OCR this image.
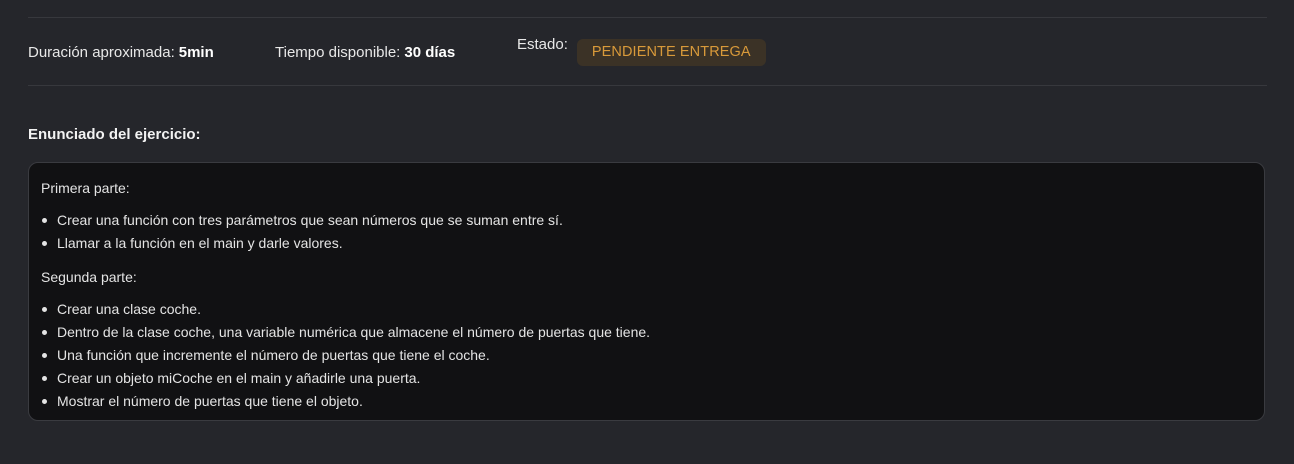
Duración aproximada: 5min	Tiempo disponible: 30 días	Estado:	PENDIENTE ENTREGA
Enunciado del ejercicio:

Primera parte:

Crear una función con tres parámetros que sean números que se suman entre sí.
Llamar a la función en el main y darle valores.

Segunda parte:

Crear una clase coche.
Dentro de la clase coche, una variable numérica que almacene el número de puertas que tiene.
Una función que incremente el número de puertas que tiene el coche.
Crear un objeto miCoche en el main y añadirle una puerta.
Mostrar el número de puertas que tiene el objeto.
